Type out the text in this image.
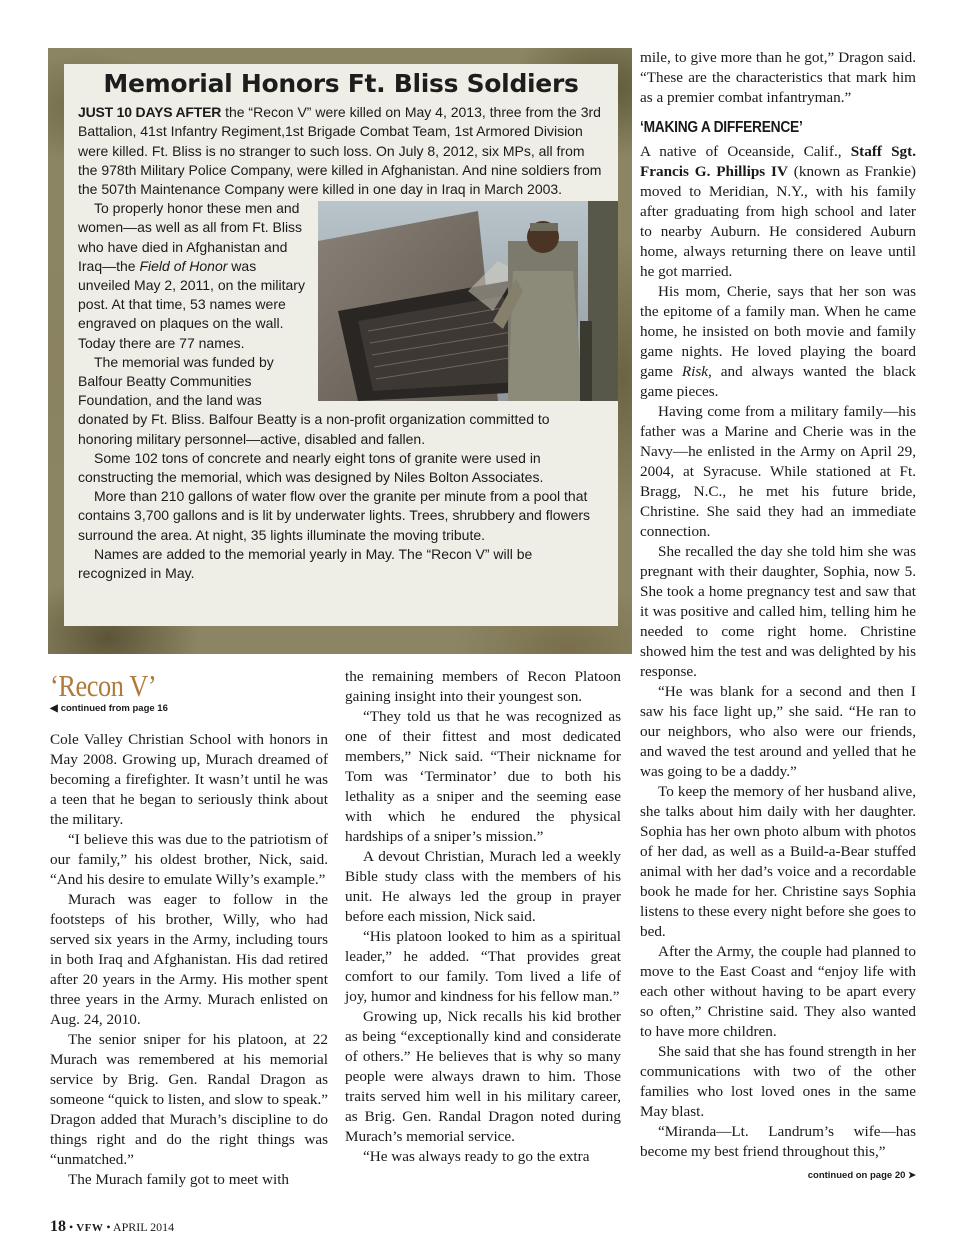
Memorial Honors Ft. Bliss Soldiers

JUST 10 DAYS AFTER the “Recon V” were killed on May 4, 2013, three from the 3rd Battalion, 41st Infantry Regiment,1st Brigade Combat Team, 1st Armored Division were killed. Ft. Bliss is no stranger to such loss. On July 8, 2012, six MPs, all from the 978th Military Police Company, were killed in Afghanistan. And nine soldiers from the 507th Maintenance Company were killed in one day in Iraq in March 2003.

To properly honor these men and women—as well as all from Ft. Bliss who have died in Afghanistan and Iraq—the Field of Honor was unveiled May 2, 2011, on the military post. At that time, 53 names were engraved on plaques on the wall. Today there are 77 names.

The memorial was funded by Balfour Beatty Communities Foundation, and the land was donated by Ft. Bliss. Balfour Beatty is a non-profit organization committed to honoring military personnel—active, disabled and fallen.

Some 102 tons of concrete and nearly eight tons of granite were used in constructing the memorial, which was designed by Niles Bolton Associates.

More than 210 gallons of water flow over the granite per minute from a pool that contains 3,700 gallons and is lit by underwater lights. Trees, shrubbery and flowers surround the area. At night, 35 lights illuminate the moving tribute.

Names are added to the memorial yearly in May. The “Recon V” will be recognized in May.

‘Recon V’
◀ continued from page 16

Cole Valley Christian School with honors in May 2008. Growing up, Murach dreamed of becoming a firefighter. It wasn’t until he was a teen that he began to seriously think about the military.

“I believe this was due to the patriotism of our family,” his oldest brother, Nick, said. “And his desire to emulate Willy’s example.”

Murach was eager to follow in the footsteps of his brother, Willy, who had served six years in the Army, including tours in both Iraq and Afghanistan. His dad retired after 20 years in the Army. His mother spent three years in the Army. Murach enlisted on Aug. 24, 2010.

The senior sniper for his platoon, at 22 Murach was remembered at his memorial service by Brig. Gen. Randal Dragon as someone “quick to listen, and slow to speak.” Dragon added that Murach’s discipline to do things right and do the right things was “unmatched.”

The Murach family got to meet with

the remaining members of Recon Platoon gaining insight into their youngest son.

“They told us that he was recognized as one of their fittest and most dedicated members,” Nick said. “Their nickname for Tom was ‘Terminator’ due to both his lethality as a sniper and the seeming ease with which he endured the physical hardships of a sniper’s mission.”

A devout Christian, Murach led a weekly Bible study class with the members of his unit. He always led the group in prayer before each mission, Nick said.

“His platoon looked to him as a spiritual leader,” he added. “That provides great comfort to our family. Tom lived a life of joy, humor and kindness for his fellow man.”

Growing up, Nick recalls his kid brother as being “exceptionally kind and considerate of others.” He believes that is why so many people were always drawn to him. Those traits served him well in his military career, as Brig. Gen. Randal Dragon noted during Murach’s memorial service.

“He was always ready to go the extra

mile, to give more than he got,” Dragon said. “These are the characteristics that mark him as a premier combat infantryman.”

‘MAKING A DIFFERENCE’

A native of Oceanside, Calif., Staff Sgt. Francis G. Phillips IV (known as Frankie) moved to Meridian, N.Y., with his family after graduating from high school and later to nearby Auburn. He considered Auburn home, always returning there on leave until he got married.

His mom, Cherie, says that her son was the epitome of a family man. When he came home, he insisted on both movie and family game nights. He loved playing the board game Risk, and always wanted the black game pieces.

Having come from a military family—his father was a Marine and Cherie was in the Navy—he enlisted in the Army on April 29, 2004, at Syracuse. While stationed at Ft. Bragg, N.C., he met his future bride, Christine. She said they had an immediate connection.

She recalled the day she told him she was pregnant with their daughter, Sophia, now 5. She took a home pregnancy test and saw that it was positive and called him, telling him he needed to come right home. Christine showed him the test and was delighted by his response.

“He was blank for a second and then I saw his face light up,” she said. “He ran to our neighbors, who also were our friends, and waved the test around and yelled that he was going to be a daddy.”

To keep the memory of her husband alive, she talks about him daily with her daughter. Sophia has her own photo album with photos of her dad, as well as a Build-a-Bear stuffed animal with her dad’s voice and a recordable book he made for her. Christine says Sophia listens to these every night before she goes to bed.

After the Army, the couple had planned to move to the East Coast and “enjoy life with each other without having to be apart every so often,” Christine said. They also wanted to have more children.

She said that she has found strength in her communications with two of the other families who lost loved ones in the same May blast.

“Miranda—Lt. Landrum’s wife—has become my best friend throughout this,”

continued on page 20 ➤
18 • VFW • APRIL 2014
